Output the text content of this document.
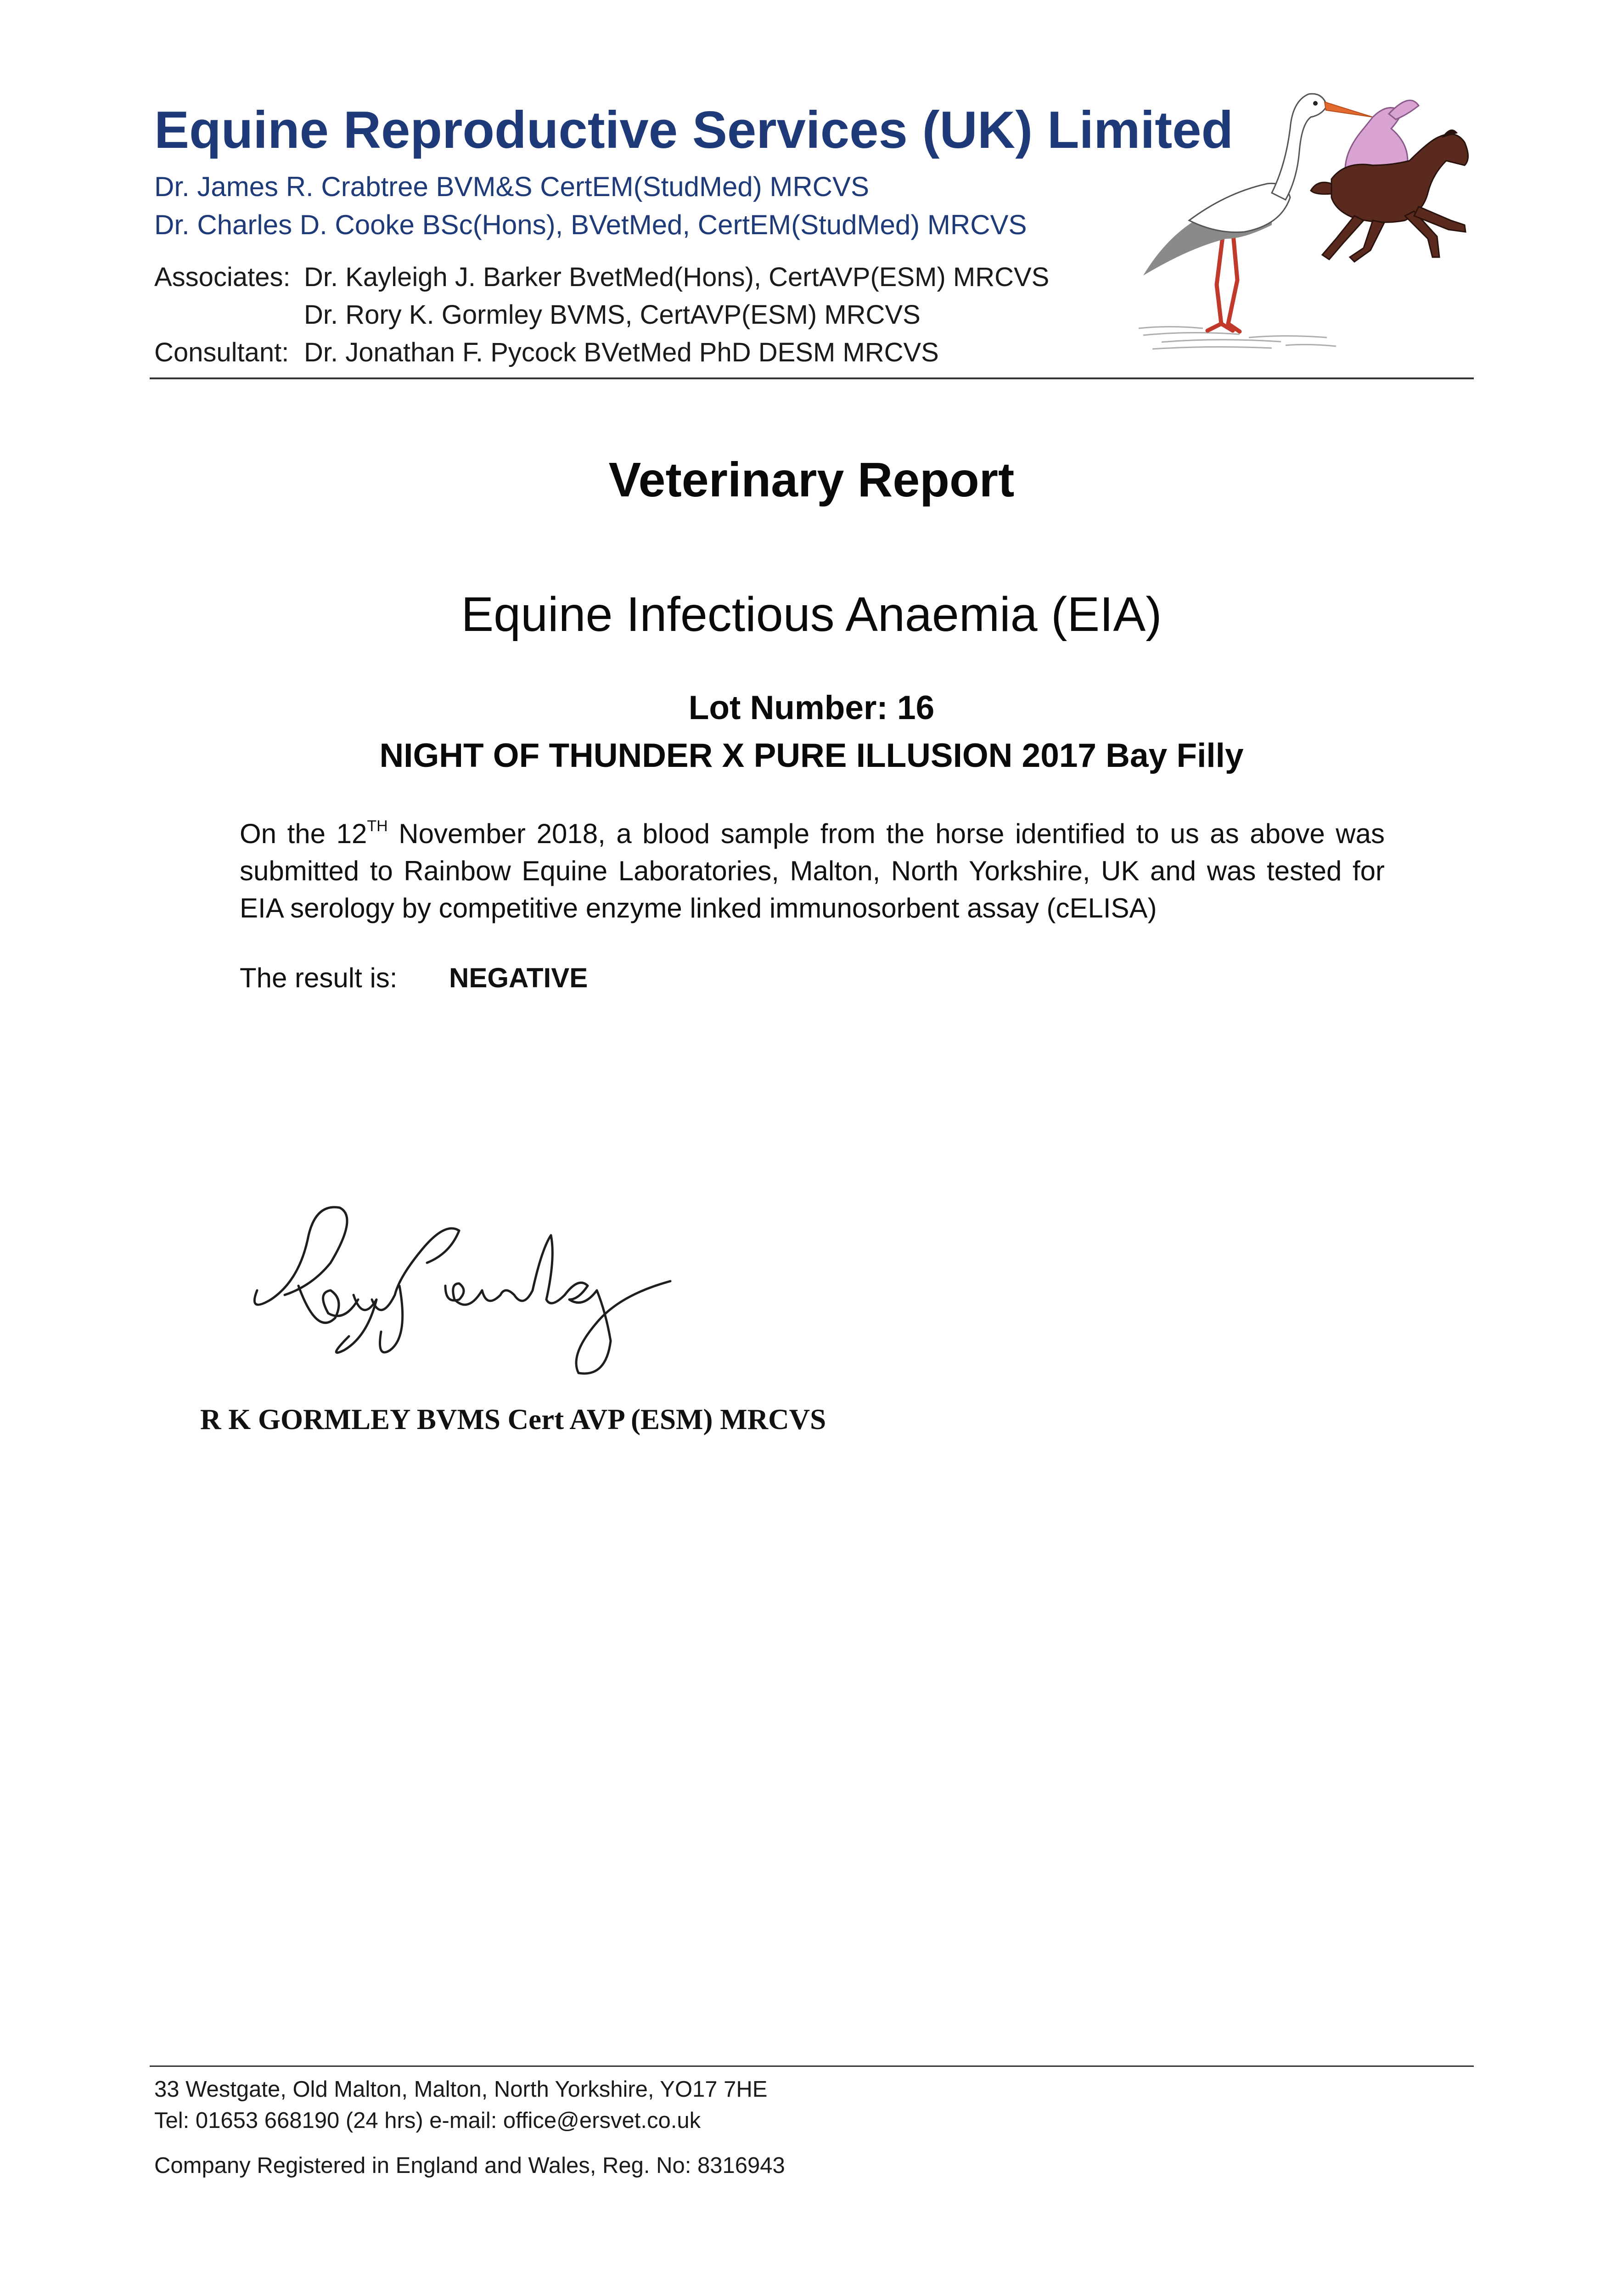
Equine Reproductive Services (UK) Limited
Dr. James R. Crabtree BVM&S CertEM(StudMed) MRCVS
Dr. Charles D. Cooke BSc(Hons), BVetMed, CertEM(StudMed) MRCVS
Associates: Dr. Kayleigh J. Barker BvetMed(Hons), CertAVP(ESM) MRCVS
Dr. Rory K. Gormley BVMS, CertAVP(ESM) MRCVS
Consultant: Dr. Jonathan F. Pycock BVetMed PhD DESM MRCVS
Veterinary Report
Equine Infectious Anaemia (EIA)
Lot Number: 16
NIGHT OF THUNDER X PURE ILLUSION 2017 Bay Filly
On the 12TH November 2018, a blood sample from the horse identified to us as above was submitted to Rainbow Equine Laboratories, Malton, North Yorkshire, UK and was tested for EIA serology by competitive enzyme linked immunosorbent assay (cELISA)
The result is: NEGATIVE
R K GORMLEY BVMS Cert AVP (ESM) MRCVS
33 Westgate, Old Malton, Malton, North Yorkshire, YO17 7HE
Tel: 01653 668190 (24 hrs) e-mail: office@ersvet.co.uk
Company Registered in England and Wales, Reg. No: 8316943
